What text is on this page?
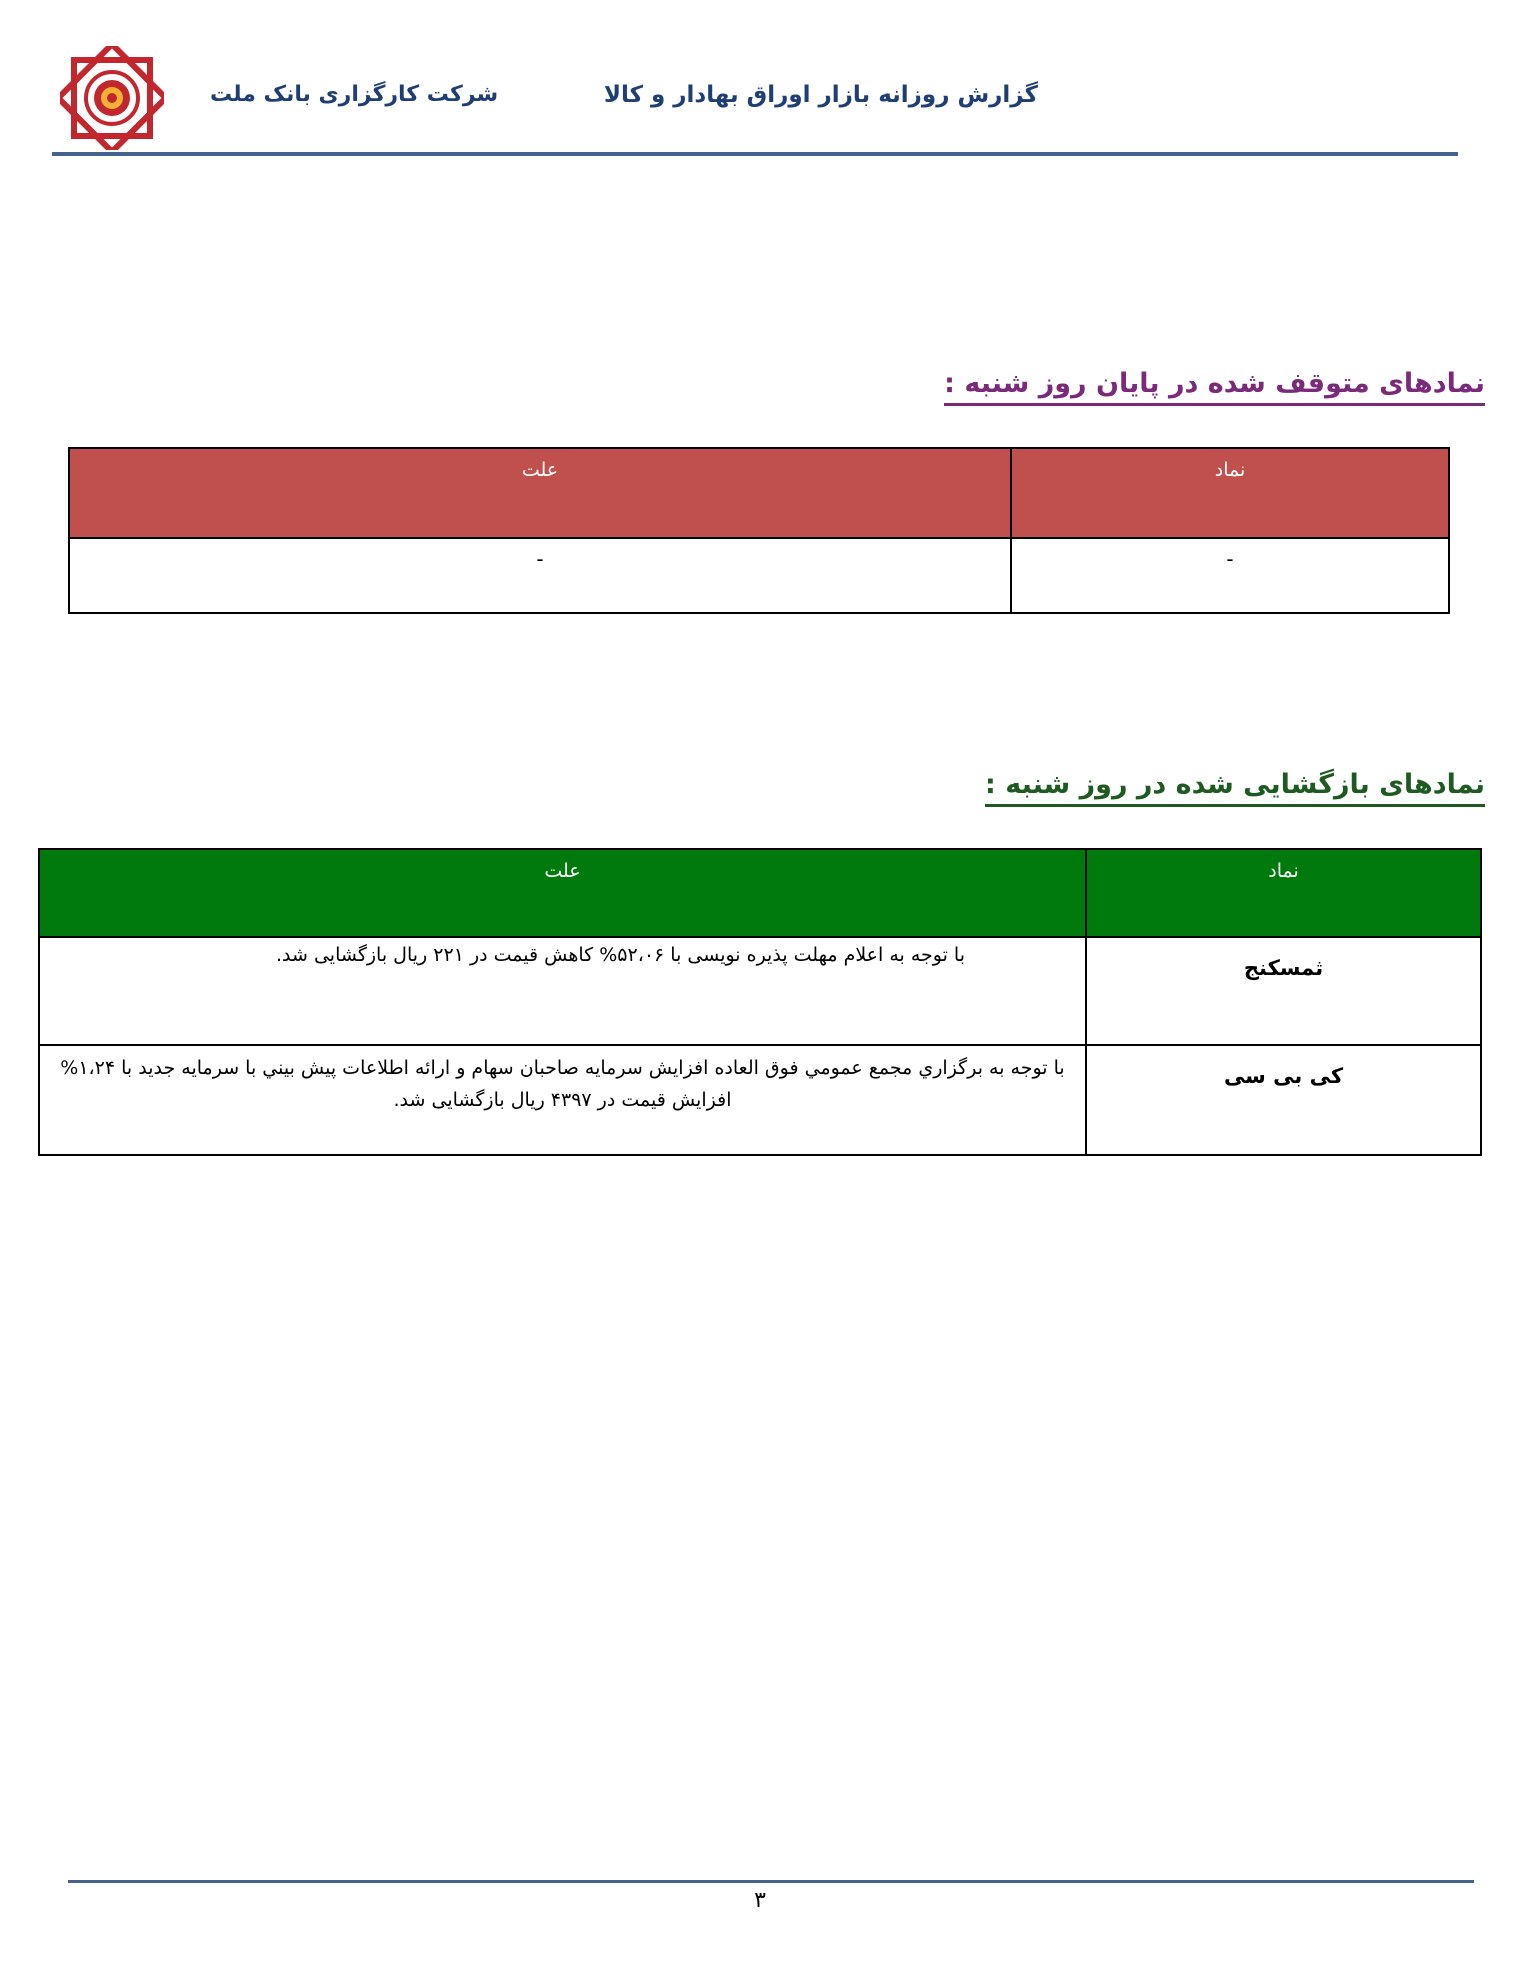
شرکت کارگزاری بانک ملت	گزارش روزانه بازار اوراق بهادار و کالا
نمادهای متوقف شده در پایان روز شنبه :
نماد	علت
-	-
نمادهای بازگشایی شده در روز شنبه :
نماد	علت
ثمسکنج	با توجه به اعلام مهلت پذیره نویسی با ۵۲،۰۶% کاهش قیمت در ۲۲۱ ریال بازگشایی شد.
کی بی سی	با توجه به برگزاري مجمع عمومي فوق العاده افزايش سرمايه صاحبان سهام و ارائه اطلاعات پیش بيني با سرمايه جديد با ۱،۲۴% افزايش قیمت در ۴۳۹۷ ریال بازگشایی شد.
۳
